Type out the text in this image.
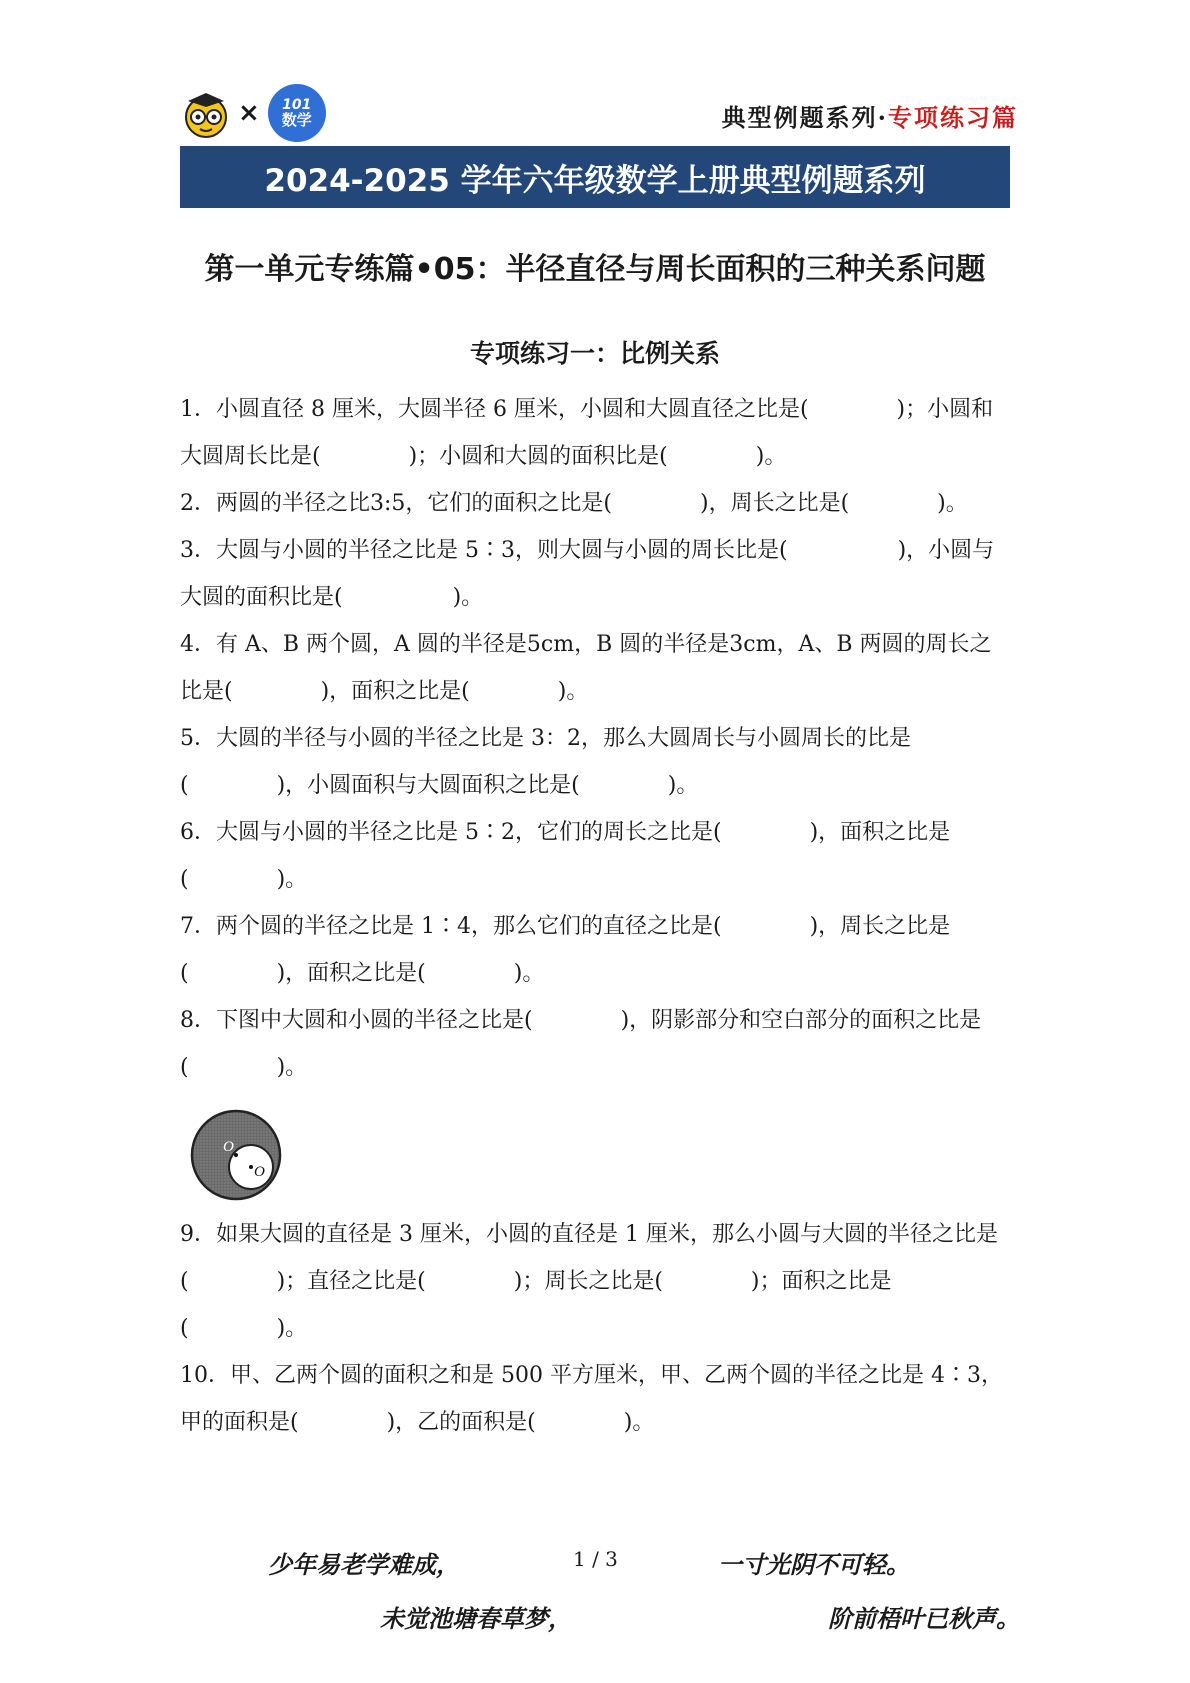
× 101
数学	典型例题系列·专项练习篇
2024-2025 学年六年级数学上册典型例题系列
第一单元专练篇•05：半径直径与周长面积的三种关系问题
专项练习一：比例关系

1．小圆直径 8 厘米，大圆半径 6 厘米，小圆和大圆直径之比是(　　　　)；小圆和大圆周长比是(　　　　)；小圆和大圆的面积比是(　　　　)。

2．两圆的半径之比3:5，它们的面积之比是(　　　　)，周长之比是(　　　　)。

3．大圆与小圆的半径之比是 5∶3，则大圆与小圆的周长比是(　　　　　)，小圆与大圆的面积比是(　　　　　)。

4．有 A、B 两个圆，A 圆的半径是5cm，B 圆的半径是3cm，A、B 两圆的周长之比是(　　　　)，面积之比是(　　　　)。

5．大圆的半径与小圆的半径之比是 3：2，那么大圆周长与小圆周长的比是(　　　　)，小圆面积与大圆面积之比是(　　　　)。

6．大圆与小圆的半径之比是 5∶2，它们的周长之比是(　　　　)，面积之比是(　　　　)。

7．两个圆的半径之比是 1∶4，那么它们的直径之比是(　　　　)，周长之比是(　　　　)，面积之比是(　　　　)。

8．下图中大圆和小圆的半径之比是(　　　　)，阴影部分和空白部分的面积之比是(　　　　)。

O
O

9．如果大圆的直径是 3 厘米，小圆的直径是 1 厘米，那么小圆与大圆的半径之比是(　　　　)；直径之比是(　　　　)；周长之比是(　　　　)；面积之比是(　　　　)。

10．甲、乙两个圆的面积之和是 500 平方厘米，甲、乙两个圆的半径之比是 4∶3，甲的面积是(　　　　)，乙的面积是(　　　　)。

少年易老学难成，	1 / 3	一寸光阴不可轻。
未觉池塘春草梦，	阶前梧叶已秋声。
